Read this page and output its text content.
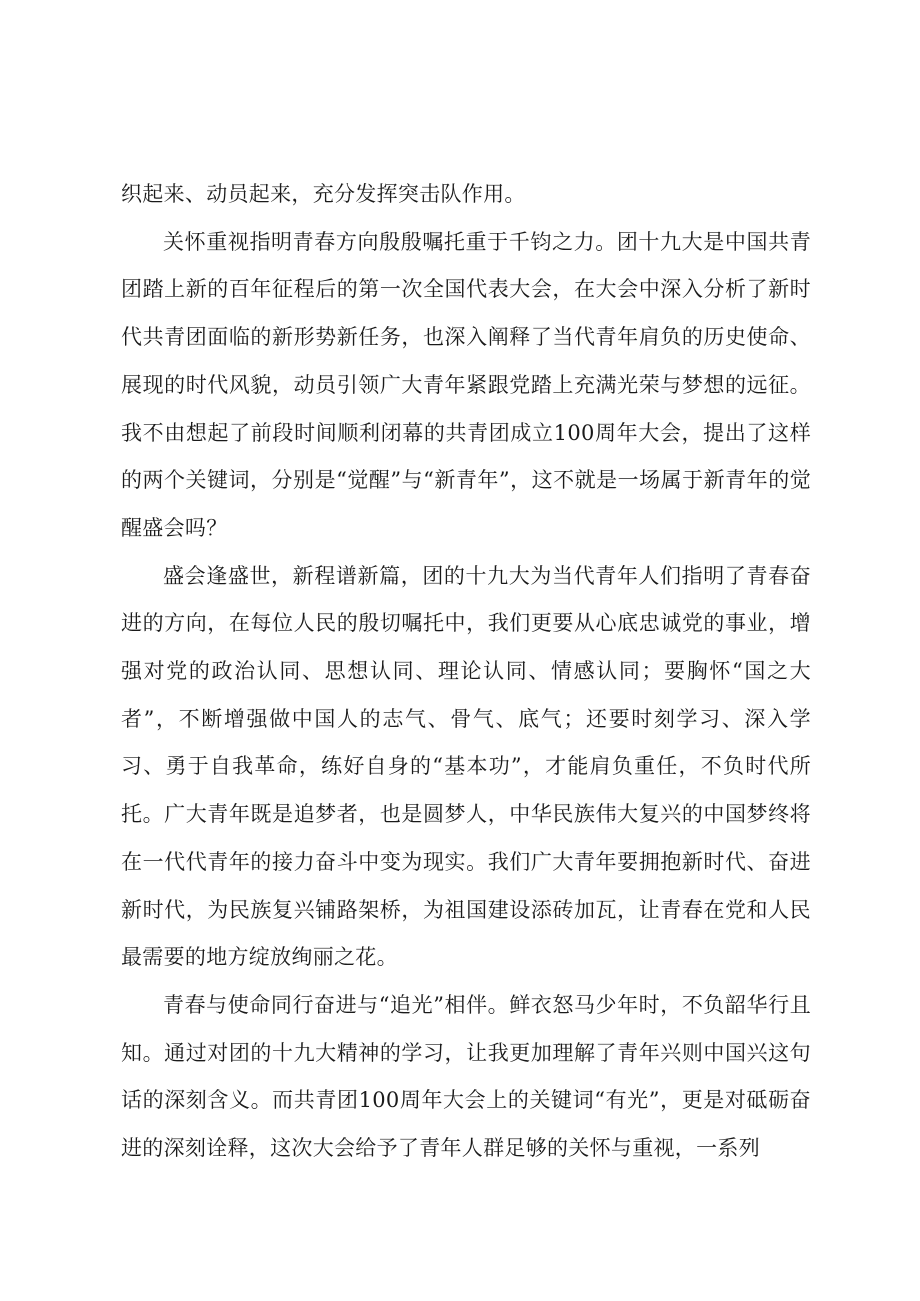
织起来、动员起来，充分发挥突击队作用。

关怀重视指明青春方向殷殷嘱托重于千钧之力。团十九大是中国共青团踏上新的百年征程后的第一次全国代表大会，在大会中深入分析了新时代共青团面临的新形势新任务，也深入阐释了当代青年肩负的历史使命、展现的时代风貌，动员引领广大青年紧跟党踏上充满光荣与梦想的远征。我不由想起了前段时间顺利闭幕的共青团成立100周年大会，提出了这样的两个关键词，分别是“觉醒”与“新青年”，这不就是一场属于新青年的觉醒盛会吗？

盛会逢盛世，新程谱新篇，团的十九大为当代青年人们指明了青春奋进的方向，在每位人民的殷切嘱托中，我们更要从心底忠诚党的事业，增强对党的政治认同、思想认同、理论认同、情感认同；要胸怀“国之大者”，不断增强做中国人的志气、骨气、底气；还要时刻学习、深入学习、勇于自我革命，练好自身的“基本功”，才能肩负重任，不负时代所托。广大青年既是追梦者，也是圆梦人，中华民族伟大复兴的中国梦终将在一代代青年的接力奋斗中变为现实。我们广大青年要拥抱新时代、奋进新时代，为民族复兴铺路架桥，为祖国建设添砖加瓦，让青春在党和人民最需要的地方绽放绚丽之花。

青春与使命同行奋进与“追光”相伴。鲜衣怒马少年时，不负韶华行且知。通过对团的十九大精神的学习，让我更加理解了青年兴则中国兴这句话的深刻含义。而共青团100周年大会上的关键词“有光”，更是对砥砺奋进的深刻诠释，这次大会给予了青年人群足够的关怀与重视，一系列
